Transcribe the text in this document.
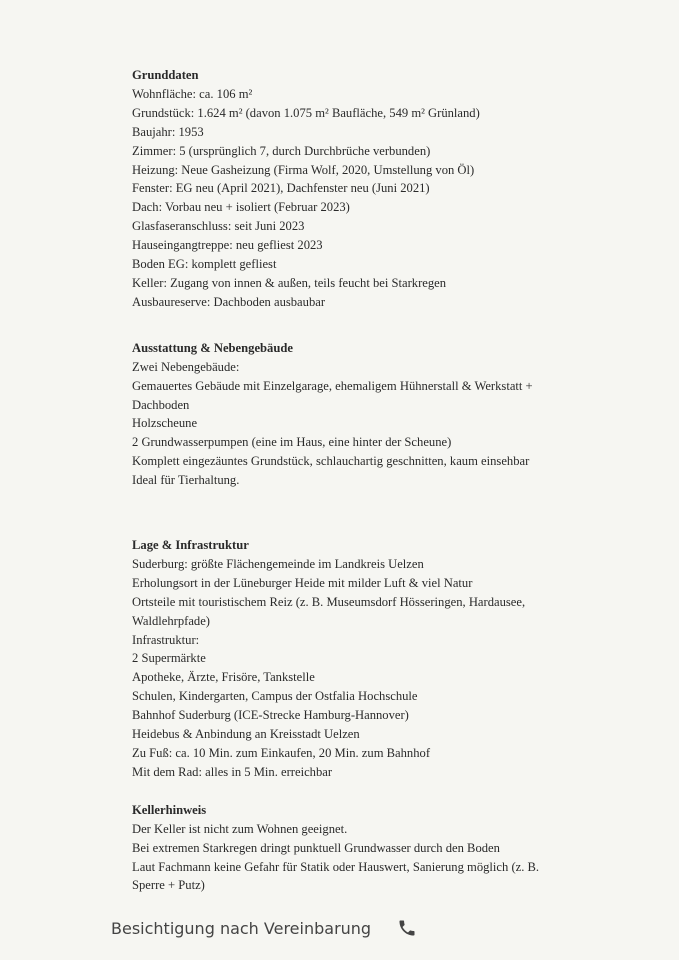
Grunddaten

Wohnfläche: ca. 106 m²

Grundstück: 1.624 m² (davon 1.075 m² Baufläche, 549 m² Grünland)

Baujahr: 1953

Zimmer: 5 (ursprünglich 7, durch Durchbrüche verbunden)

Heizung: Neue Gasheizung (Firma Wolf, 2020, Umstellung von Öl)

Fenster: EG neu (April 2021), Dachfenster neu (Juni 2021)

Dach: Vorbau neu + isoliert (Februar 2023)

Glasfaseranschluss: seit Juni 2023

Hauseingangtreppe: neu gefliest 2023

Boden EG: komplett gefliest

Keller: Zugang von innen & außen, teils feucht bei Starkregen

Ausbaureserve: Dachboden ausbaubar

Ausstattung & Nebengebäude

Zwei Nebengebäude:

Gemauertes Gebäude mit Einzelgarage, ehemaligem Hühnerstall & Werkstatt + Dachboden

Holzscheune

2 Grundwasserpumpen (eine im Haus, eine hinter der Scheune)

Komplett eingezäuntes Grundstück, schlauchartig geschnitten, kaum einsehbar

Ideal für Tierhaltung.

Lage & Infrastruktur

Suderburg: größte Flächengemeinde im Landkreis Uelzen

Erholungsort in der Lüneburger Heide mit milder Luft & viel Natur

Ortsteile mit touristischem Reiz (z. B. Museumsdorf Hösseringen, Hardausee, Waldlehrpfade)

Infrastruktur:

2 Supermärkte

Apotheke, Ärzte, Frisöre, Tankstelle

Schulen, Kindergarten, Campus der Ostfalia Hochschule

Bahnhof Suderburg (ICE-Strecke Hamburg-Hannover)

Heidebus & Anbindung an Kreisstadt Uelzen

Zu Fuß: ca. 10 Min. zum Einkaufen, 20 Min. zum Bahnhof

Mit dem Rad: alles in 5 Min. erreichbar

Kellerhinweis

Der Keller ist nicht zum Wohnen geeignet.

Bei extremen Starkregen dringt punktuell Grundwasser durch den Boden

Laut Fachmann keine Gefahr für Statik oder Hauswert, Sanierung möglich (z. B. Sperre + Putz)

Besichtigung nach Vereinbarung
